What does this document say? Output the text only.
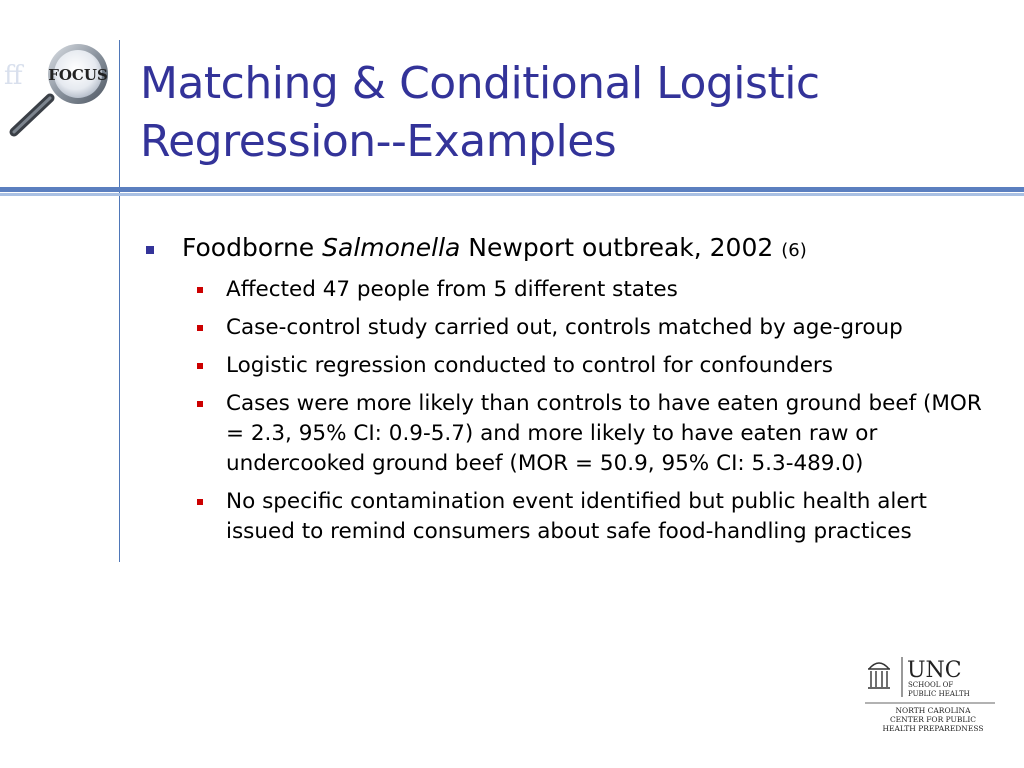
ff FOCUS Matching & Conditional Logistic
Regression--Examples
Foodborne Salmonella Newport outbreak, 2002 (6)
Affected 47 people from 5 different states
Case-control study carried out, controls matched by age-group
Logistic regression conducted to control for confounders
Cases were more likely than controls to have eaten ground beef (MOR = 2.3, 95% CI: 0.9-5.7) and more likely to have eaten raw or undercooked ground beef (MOR = 50.9, 95% CI: 5.3-489.0)
No specific contamination event identified but public health alert issued to remind consumers about safe food-handling practices
UNC
SCHOOL OF
PUBLIC HEALTH
NORTH CAROLINA
CENTER FOR PUBLIC
HEALTH PREPAREDNESS
